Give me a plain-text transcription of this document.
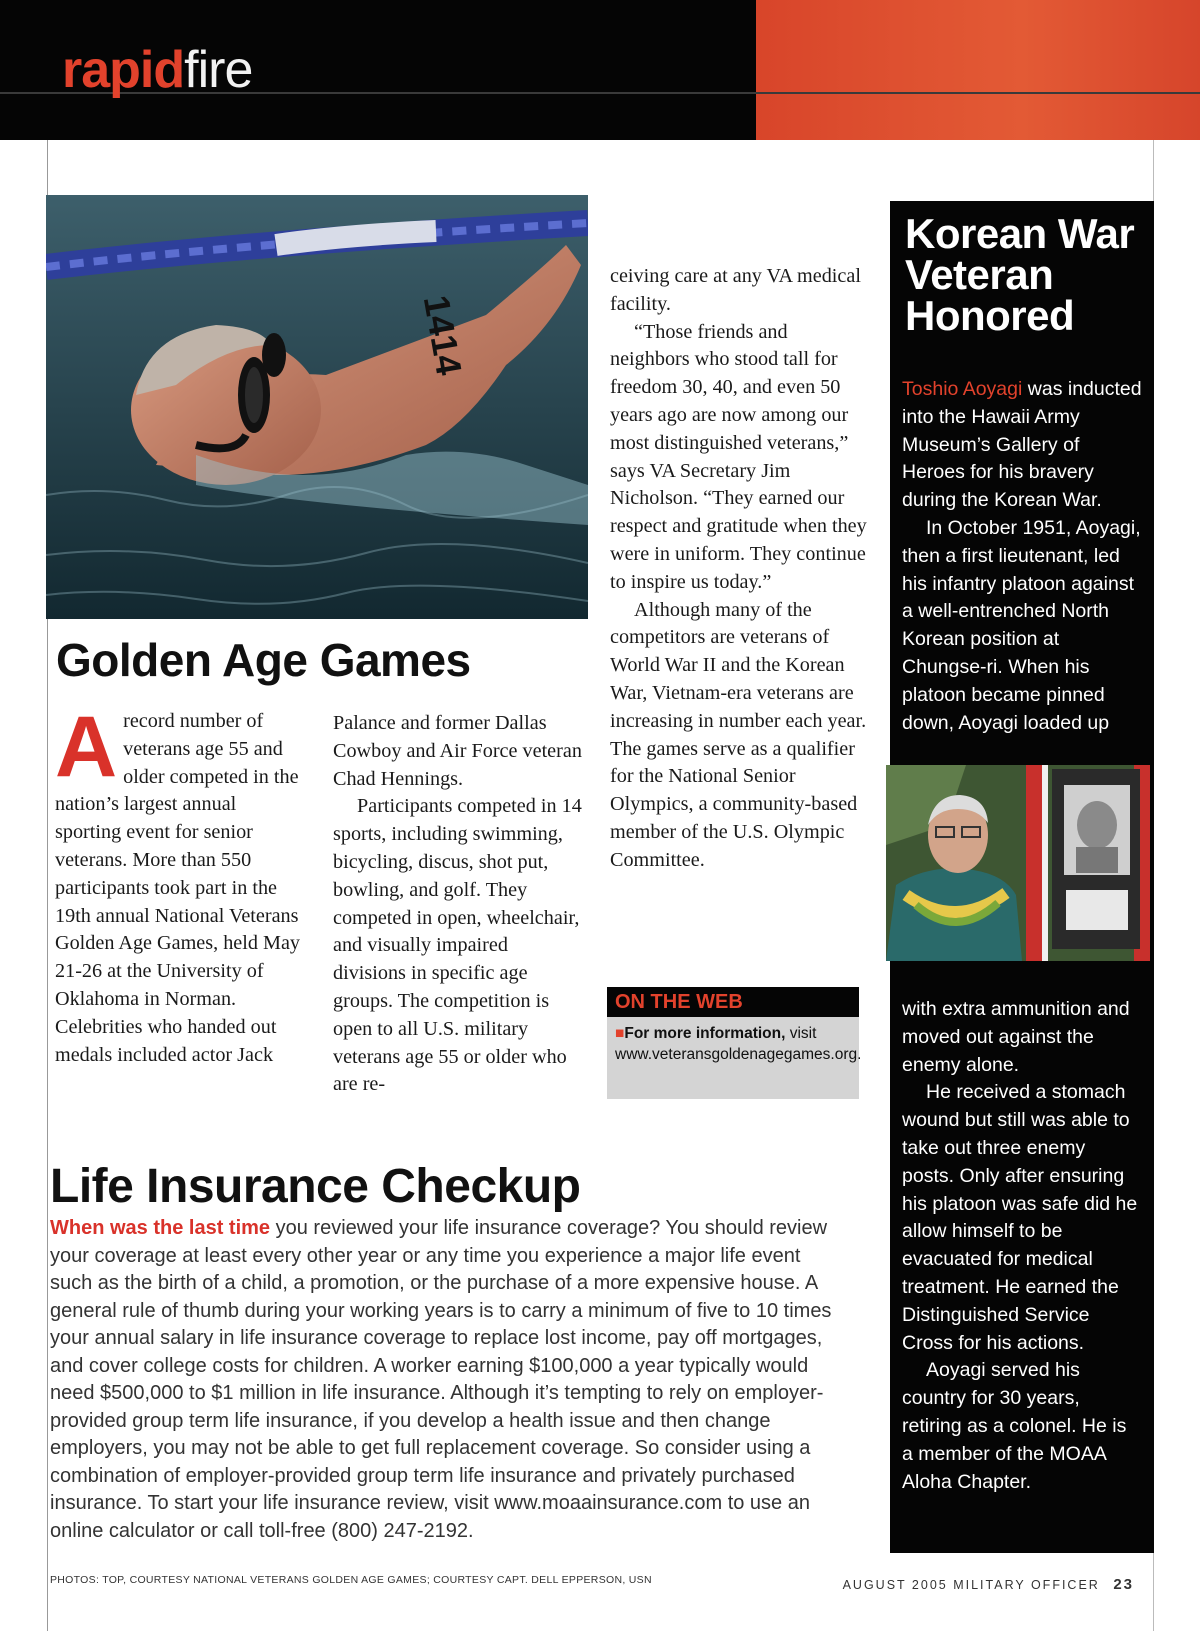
rapidfire
1414
Golden Age Games
A record number of veterans age 55 and older competed in the nation’s largest annual sporting event for senior veterans. More than 550 participants took part in the 19th annual National Veterans Golden Age Games, held May 21-26 at the University of Oklahoma in Norman. Celebrities who handed out medals included actor Jack

Palance and former Dallas Cowboy and Air Force veteran Chad Hennings.

Participants competed in 14 sports, including swimming, bicycling, discus, shot put, bowling, and golf. They competed in open, wheelchair, and visually impaired divisions in specific age groups. The competition is open to all U.S. military veterans age 55 or older who are re-

ceiving care at any VA medical facility.

“Those friends and neighbors who stood tall for freedom 30, 40, and even 50 years ago are now among our most distinguished veterans,” says VA Secretary Jim Nicholson. “They earned our respect and gratitude when they were in uniform. They continue to inspire us today.”

Although many of the competitors are veterans of World War II and the Korean War, Vietnam-era veterans are increasing in number each year. The games serve as a qualifier for the National Senior Olympics, a community-based member of the U.S. Olympic Committee.

ON THE WEB
■For more information, visit www.veteransgoldenagegames.org.
Life Insurance Checkup
When was the last time you reviewed your life insurance coverage? You should review your coverage at least every other year or any time you experience a major life event such as the birth of a child, a promotion, or the purchase of a more expensive house. A general rule of thumb during your working years is to carry a minimum of five to 10 times your annual salary in life insurance coverage to replace lost income, pay off mortgages, and cover college costs for children. A worker earning $100,000 a year typically would need $500,000 to $1 million in life insurance. Although it’s tempting to rely on employer-provided group term life insurance, if you develop a health issue and then change employers, you may not be able to get full replacement coverage. So consider using a combination of employer-provided group term life insurance and privately purchased insurance. To start your life insurance review, visit www.moaainsurance.com to use an online calculator or call toll-free (800) 247-2192.
Korean War Veteran Honored

Toshio Aoyagi was inducted into the Hawaii Army Museum’s Gallery of Heroes for his bravery during the Korean War.

In October 1951, Aoyagi, then a first lieutenant, led his infantry platoon against a well-entrenched North Korean position at Chungse-ri. When his platoon became pinned down, Aoyagi loaded up

with extra ammunition and moved out against the enemy alone.

He received a stomach wound but still was able to take out three enemy posts. Only after ensuring his platoon was safe did he allow himself to be evacuated for medical treatment. He earned the Distinguished Service Cross for his actions.

Aoyagi served his country for 30 years, retiring as a colonel. He is a member of the MOAA Aloha Chapter.

PHOTOS: TOP, COURTESY NATIONAL VETERANS GOLDEN AGE GAMES; COURTESY CAPT. DELL EPPERSON, USN	AUGUST 2005 MILITARY OFFICER 23
